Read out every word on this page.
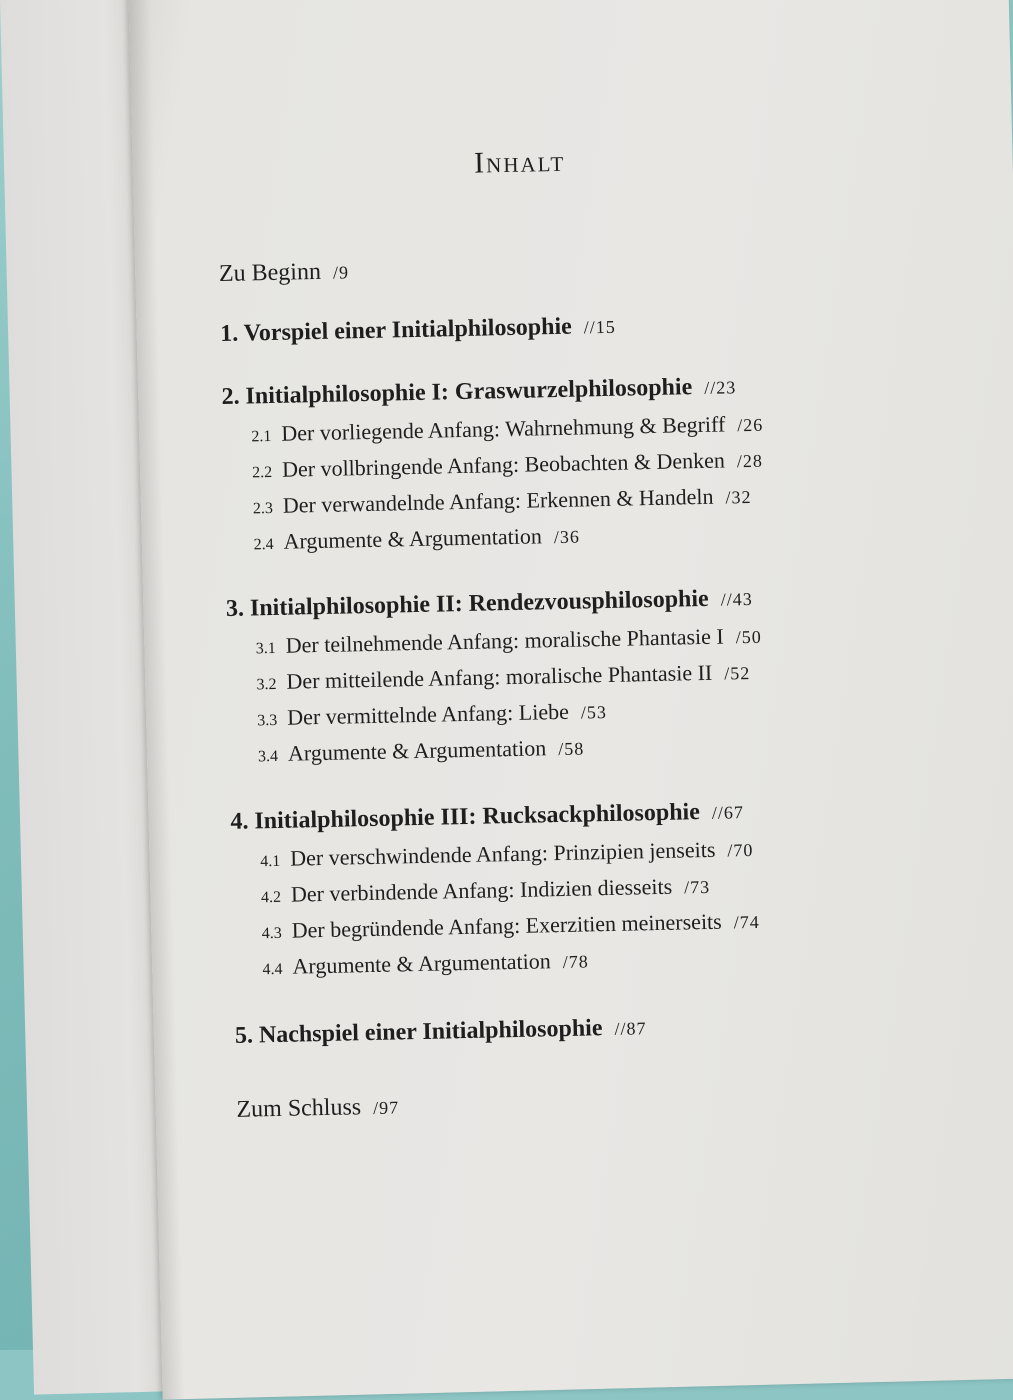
Inhalt
Zu Beginn /9
1. Vorspiel einer Initialphilosophie //15
2. Initialphilosophie I: Graswurzelphilosophie //23
2.1 Der vorliegende Anfang: Wahrnehmung & Begriff /26
2.2 Der vollbringende Anfang: Beobachten & Denken /28
2.3 Der verwandelnde Anfang: Erkennen & Handeln /32
2.4 Argumente & Argumentation /36
3. Initialphilosophie II: Rendezvousphilosophie //43
3.1 Der teilnehmende Anfang: moralische Phantasie I /50
3.2 Der mitteilende Anfang: moralische Phantasie II /52
3.3 Der vermittelnde Anfang: Liebe /53
3.4 Argumente & Argumentation /58
4. Initialphilosophie III: Rucksackphilosophie //67
4.1 Der verschwindende Anfang: Prinzipien jenseits /70
4.2 Der verbindende Anfang: Indizien diesseits /73
4.3 Der begründende Anfang: Exerzitien meinerseits /74
4.4 Argumente & Argumentation /78
5. Nachspiel einer Initialphilosophie //87
Zum Schluss /97
